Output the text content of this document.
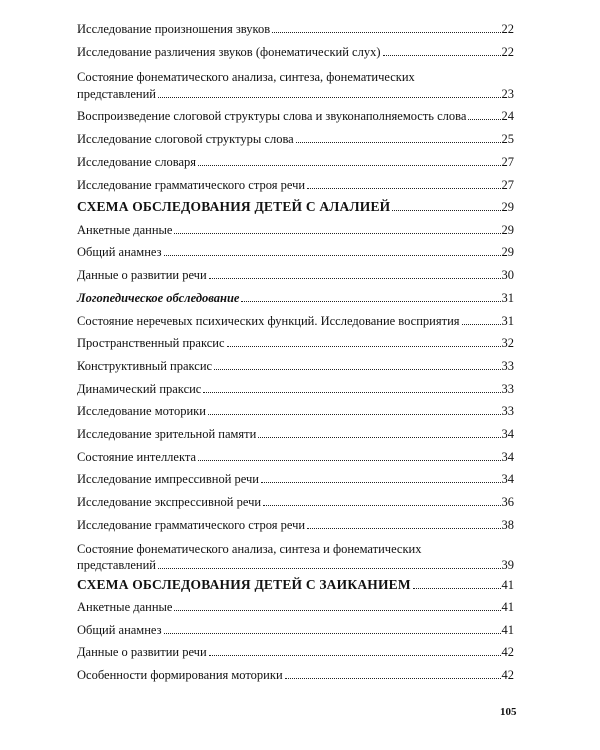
Исследование произношения звуков	22
Исследование различения звуков (фонематический слух)	22
Состояние фонематического анализа, синтеза, фонематических
представлений	23
Воспроизведение слоговой структуры слова и звуконаполняемость слова	24
Исследование слоговой структуры слова	25
Исследование словаря	27
Исследование грамматического строя речи	27
СХЕМА ОБСЛЕДОВАНИЯ ДЕТЕЙ С АЛАЛИЕЙ	29
Анкетные данные	29
Общий анамнез	29
Данные о развитии речи	30
Логопедическое обследование	31
Состояние неречевых психических функций. Исследование восприятия	31
Пространственный праксис	32
Конструктивный праксис	33
Динамический праксис	33
Исследование моторики	33
Исследование зрительной памяти	34
Состояние интеллекта	34
Исследование импрессивной речи	34
Исследование экспрессивной речи	36
Исследование грамматического строя речи	38
Состояние фонематического анализа, синтеза и фонематических
представлений	39
СХЕМА ОБСЛЕДОВАНИЯ ДЕТЕЙ С ЗАИКАНИЕМ	41
Анкетные данные	41
Общий анамнез	41
Данные о развитии речи	42
Особенности формирования моторики	42
105
